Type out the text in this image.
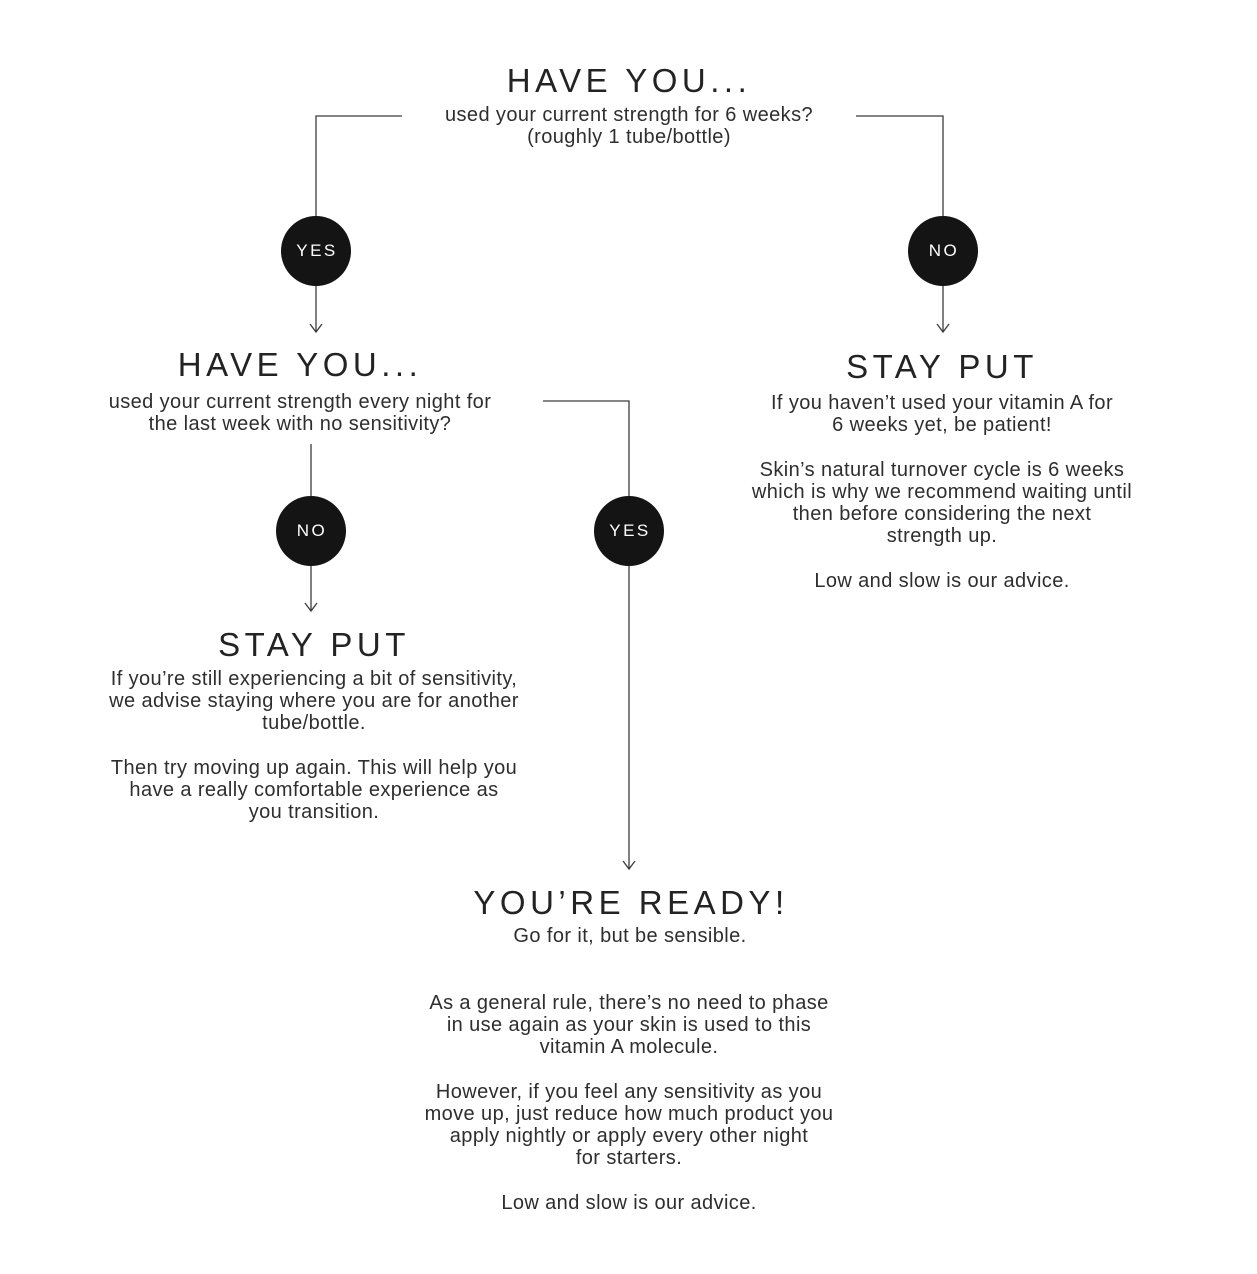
HAVE YOU...
used your current strength for 6 weeks?
(roughly 1 tube/bottle)
YES	NO
HAVE YOU...
used your current strength every night for
the last week with no sensitivity?
STAY PUT
If you haven’t used your vitamin A for
6 weeks yet, be patient!
Skin’s natural turnover cycle is 6 weeks
which is why we recommend waiting until
then before considering the next
strength up.
Low and slow is our advice.
NO	YES
STAY PUT
If you’re still experiencing a bit of sensitivity,
we advise staying where you are for another
tube/bottle.
Then try moving up again. This will help you
have a really comfortable experience as
you transition.
YOU’RE READY!
Go for it, but be sensible.
As a general rule, there’s no need to phase
in use again as your skin is used to this
vitamin A molecule.
However, if you feel any sensitivity as you
move up, just reduce how much product you
apply nightly or apply every other night
for starters.
Low and slow is our advice.
